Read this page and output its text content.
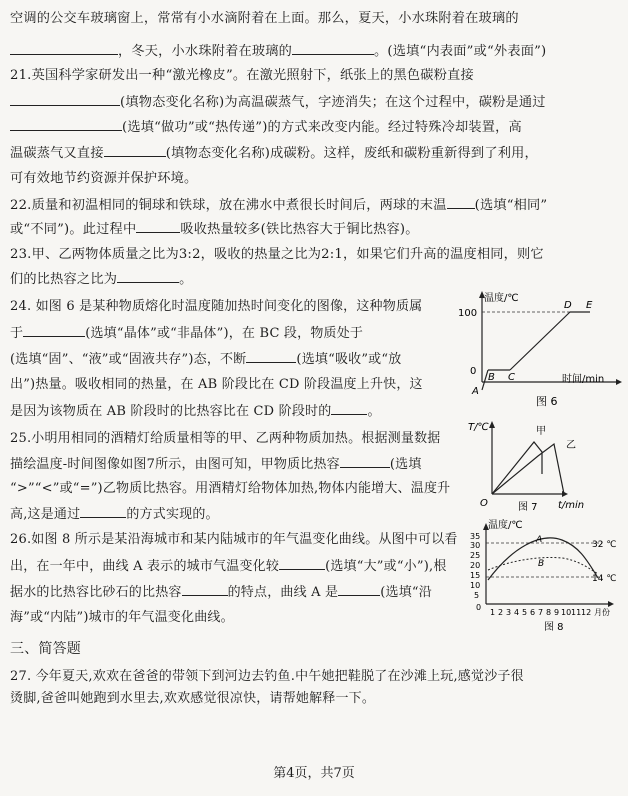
空调的公交车玻璃窗上，常常有小水滴附着在上面。那么，夏天，小水珠附着在玻璃的
，冬天，小水珠附着在玻璃的	。(选填“内表面”或“外表面”)
21.英国科学家研发出一种“激光橡皮”。在激光照射下，纸张上的黑色碳粉直接
(填物态变化名称)为高温碳蒸气，字迹消失；在这个过程中，碳粉是通过
(选填“做功”或“热传递”)的方式来改变内能。经过特殊冷却装置，高
温碳蒸气又直接	(填物态变化名称)成碳粉。这样，废纸和碳粉重新得到了利用，
可有效地节约资源并保护环境。
22.质量和初温相同的铜球和铁球，放在沸水中煮很长时间后，两球的末温 (选填“相同”
或“不同”)。此过程中	吸收热量较多(铁比热容大于铜比热容)。
23.甲、乙两物体质量之比为3:2，吸收的热量之比为2:1，如果它们升高的温度相同，则它
们的比热容之比为	。
24. 如图 6 是某种物质熔化时温度随加热时间变化的图像，这种物质属
于	(选填“晶体”或“非晶体”)，在 BC 段，物质处于
(选填“固”、“液”或“固液共存”)态，不断	(选填“吸收”或“放
出”)热量。吸收相同的热量，在 AB 阶段比在 CD 阶段温度上升快，这
是因为该物质在 AB 阶段时的比热容比在 CD 阶段时的	。
25.小明用相同的酒精灯给质量相等的甲、乙两种物质加热。根据测量数据
描绘温度-时间图像如图7所示，由图可知，甲物质比热容	(选填
“>”“<”或“=”)乙物质比热容。用酒精灯给物体加热,物体内能增大、温度升
高,这是通过	的方式实现的。
26.如图 8 所示是某沿海城市和某内陆城市的年气温变化曲线。从图中可以看
出，在一年中，曲线 A 表示的城市气温变化较	(选填“大”或“小”),根
据水的比热容比砂石的比热容	的特点，曲线 A 是	(选填“沿
海”或“内陆”)城市的年气温变化曲线。
三、简答题
27. 今年夏天,欢欢在爸爸的带领下到河边去钓鱼.中午她把鞋脱了在沙滩上玩,感觉沙子很
烫脚,爸爸叫她跑到水里去,欢欢感觉很凉快，请帮她解释一下。
第4页，共7页
温度/℃
100
0
A
B C
D E
时间/min
图 6
T/℃	甲
乙
O	t/min
图 7
温度/℃
35
30
25
20
15
10
5
0
1 2 3 4 5 6 7 8 9 10 11 12 月份
32 ℃
14 ℃
A
B
图 8
